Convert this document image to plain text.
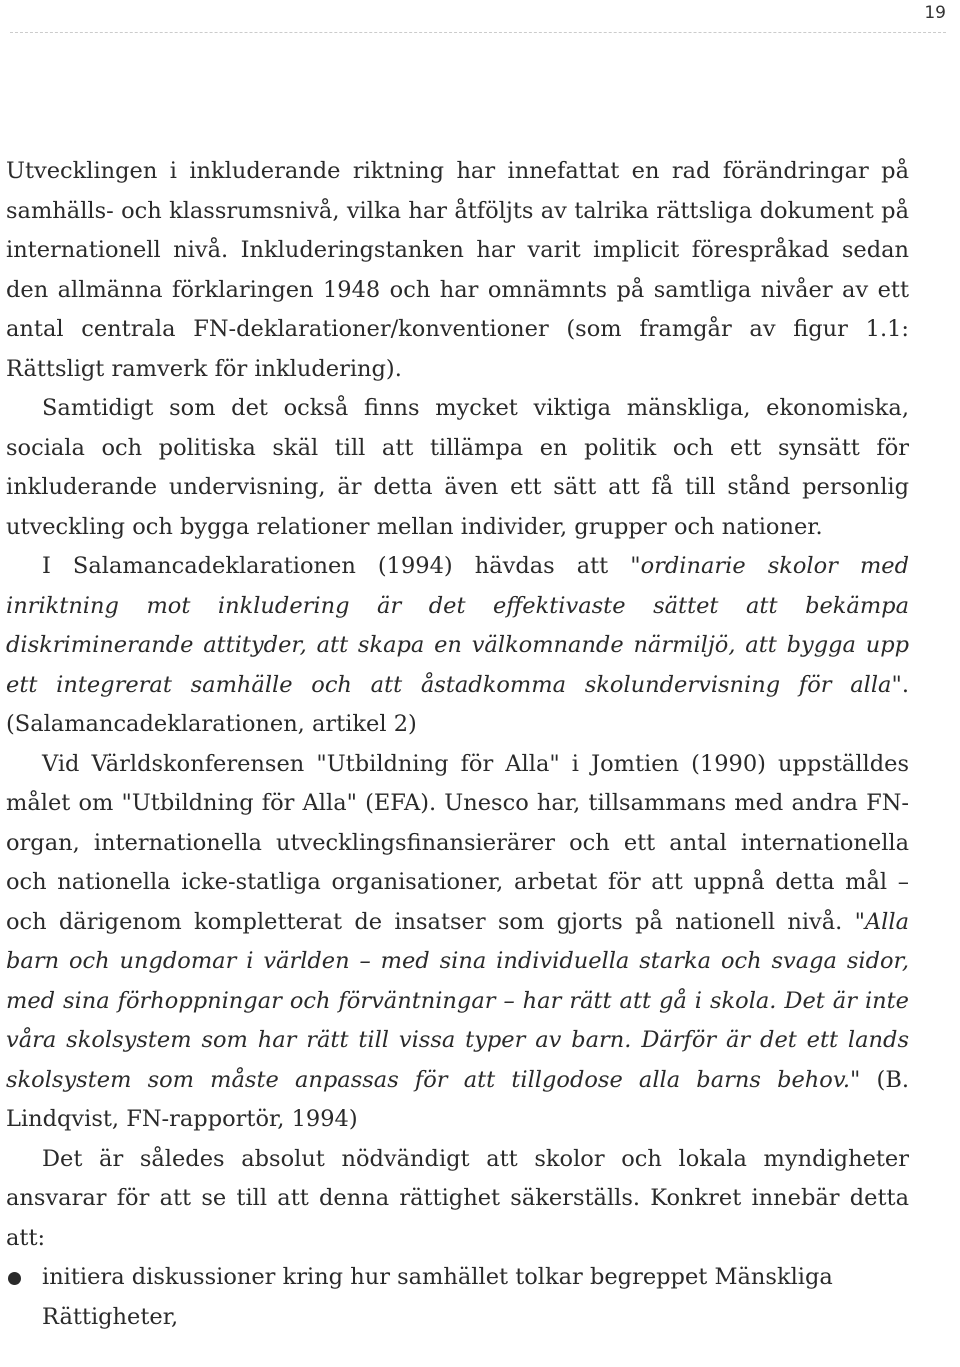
19

Utvecklingen i inkluderande riktning har innefattat en rad förändringar på samhälls- och klassrumsnivå, vilka har åtföljts av talrika rättsliga dokument på internationell nivå. Inkluderingstanken har varit implicit förespråkad sedan den allmänna förklaringen 1948 och har omnämnts på samtliga nivåer av ett antal centrala FN-deklarationer/konventioner (som framgår av figur 1.1: Rättsligt ramverk för inkludering).

Samtidigt som det också finns mycket viktiga mänskliga, ekonomiska, sociala och politiska skäl till att tillämpa en politik och ett synsätt för inkluderande undervisning, är detta även ett sätt att få till stånd personlig utveckling och bygga relationer mellan individer, grupper och nationer.

I Salamancadeklarationen (1994) hävdas att "ordinarie skolor med inriktning mot inkludering är det effektivaste sättet att bekämpa diskriminerande attityder, att skapa en välkomnande närmiljö, att bygga upp ett integrerat samhälle och att åstadkomma skolundervisning för alla". (Salamancadeklarationen, artikel 2)

Vid Världskonferensen "Utbildning för Alla" i Jomtien (1990) uppställdes målet om "Utbildning för Alla" (EFA). Unesco har, tillsammans med andra FN-organ, internationella utvecklingsfinansierärer och ett antal internationella och nationella icke-statliga organisationer, arbetat för att uppnå detta mål – och därigenom kompletterat de insatser som gjorts på nationell nivå. "Alla barn och ungdomar i världen – med sina individuella starka och svaga sidor, med sina förhoppningar och förväntningar – har rätt att gå i skola. Det är inte våra skolsystem som har rätt till vissa typer av barn. Därför är det ett lands skolsystem som måste anpassas för att tillgodose alla barns behov." (B. Lindqvist, FN-rapportör, 1994)

Det är således absolut nödvändigt att skolor och lokala myndigheter ansvarar för att se till att denna rättighet säkerställs. Konkret innebär detta att:

initiera diskussioner kring hur samhället tolkar begreppet Mänskliga Rättigheter,
